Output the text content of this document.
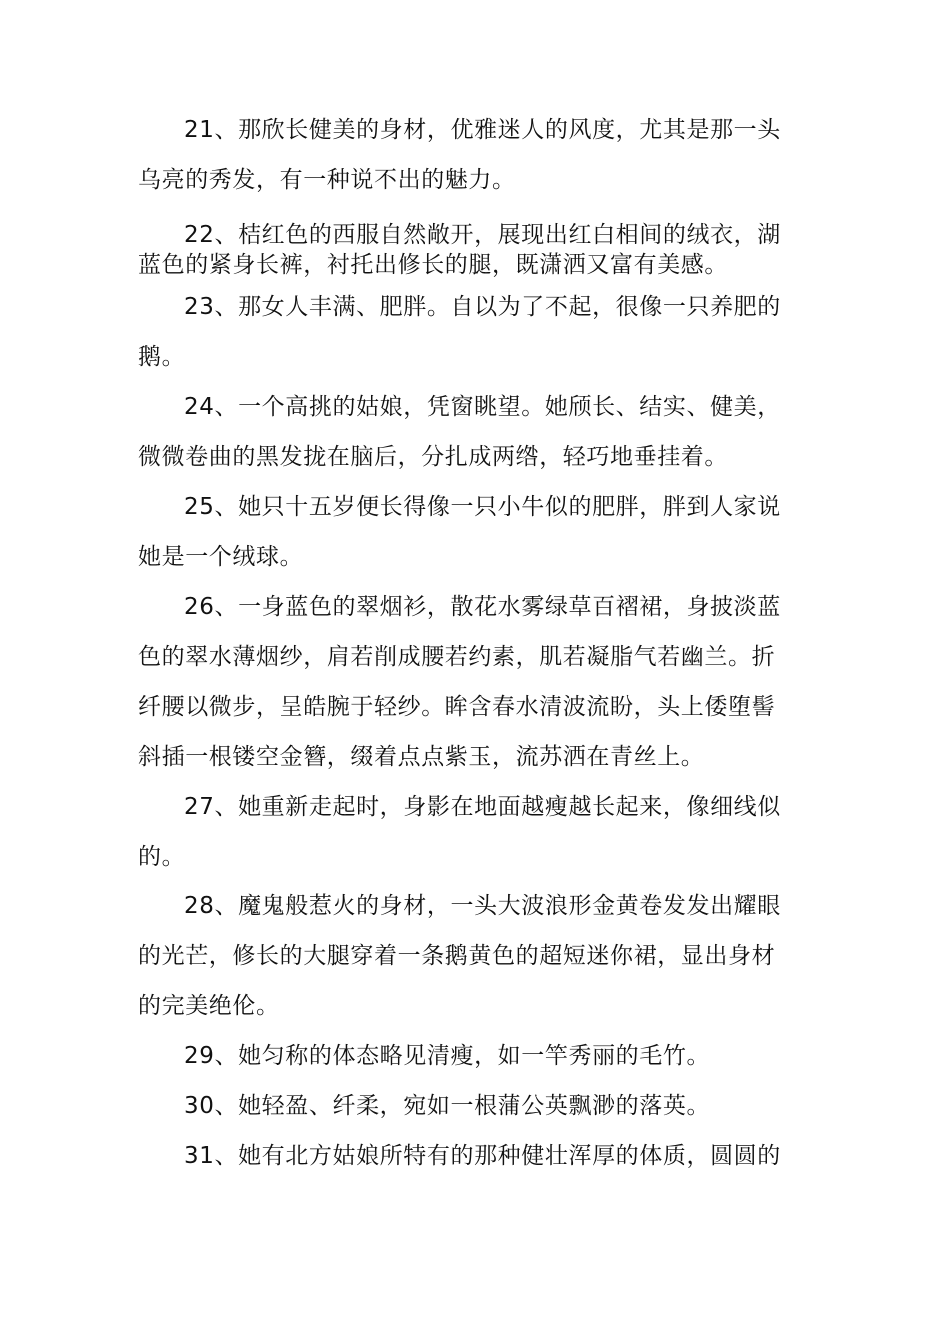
21、那欣长健美的身材，优雅迷人的风度，尤其是那一头
乌亮的秀发，有一种说不出的魅力。
22、桔红色的西服自然敞开，展现出红白相间的绒衣，湖
蓝色的紧身长裤，衬托出修长的腿，既潇洒又富有美感。
23、那女人丰满、肥胖。自以为了不起，很像一只养肥的
鹅。
24、一个高挑的姑娘，凭窗眺望。她颀长、结实、健美，
微微卷曲的黑发拢在脑后，分扎成两绺，轻巧地垂挂着。
25、她只十五岁便长得像一只小牛似的肥胖，胖到人家说
她是一个绒球。
26、一身蓝色的翠烟衫，散花水雾绿草百褶裙，身披淡蓝
色的翠水薄烟纱，肩若削成腰若约素，肌若凝脂气若幽兰。折
纤腰以微步，呈皓腕于轻纱。眸含春水清波流盼，头上倭堕髻
斜插一根镂空金簪，缀着点点紫玉，流苏洒在青丝上。
27、她重新走起时，身影在地面越瘦越长起来，像细线似
的。
28、魔鬼般惹火的身材，一头大波浪形金黄卷发发出耀眼
的光芒，修长的大腿穿着一条鹅黄色的超短迷你裙，显出身材
的完美绝伦。
29、她匀称的体态略见清瘦，如一竿秀丽的毛竹。
30、她轻盈、纤柔，宛如一根蒲公英飘渺的落英。
31、她有北方姑娘所特有的那种健壮浑厚的体质，圆圆的
